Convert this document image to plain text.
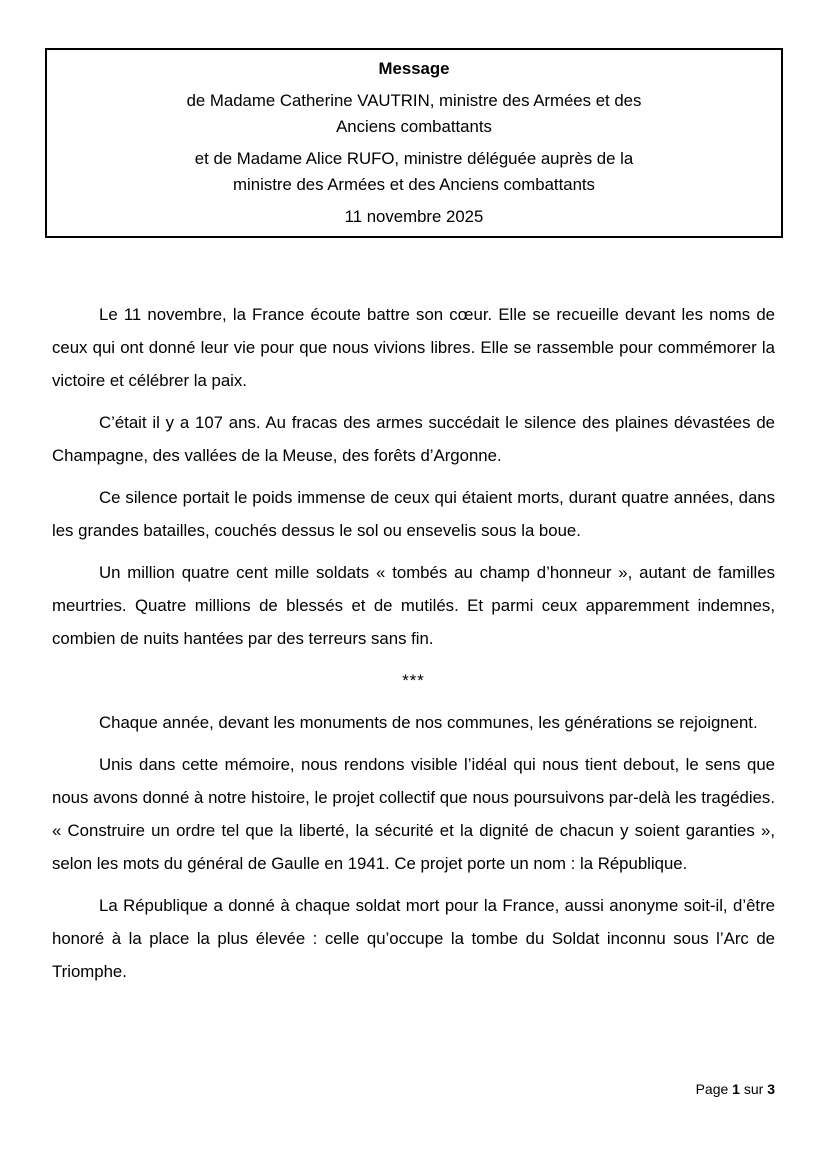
Message

de Madame Catherine VAUTRIN, ministre des Armées et des
Anciens combattants

et de Madame Alice RUFO, ministre déléguée auprès de la
ministre des Armées et des Anciens combattants

11 novembre 2025

Le 11 novembre, la France écoute battre son cœur. Elle se recueille devant les noms de ceux qui ont donné leur vie pour que nous vivions libres. Elle se rassemble pour commémorer la victoire et célébrer la paix.

C’était il y a 107 ans. Au fracas des armes succédait le silence des plaines dévastées de Champagne, des vallées de la Meuse, des forêts d’Argonne.

Ce silence portait le poids immense de ceux qui étaient morts, durant quatre années, dans les grandes batailles, couchés dessus le sol ou ensevelis sous la boue.

Un million quatre cent mille soldats « tombés au champ d’honneur », autant de familles meurtries. Quatre millions de blessés et de mutilés. Et parmi ceux apparemment indemnes, combien de nuits hantées par des terreurs sans fin.

***

Chaque année, devant les monuments de nos communes, les générations se rejoignent.

Unis dans cette mémoire, nous rendons visible l’idéal qui nous tient debout, le sens que nous avons donné à notre histoire, le projet collectif que nous poursuivons par-delà les tragédies. « Construire un ordre tel que la liberté, la sécurité et la dignité de chacun y soient garanties », selon les mots du général de Gaulle en 1941. Ce projet porte un nom : la République.

La République a donné à chaque soldat mort pour la France, aussi anonyme soit-il, d’être honoré à la place la plus élevée : celle qu’occupe la tombe du Soldat inconnu sous l’Arc de Triomphe.

Page 1 sur 3
